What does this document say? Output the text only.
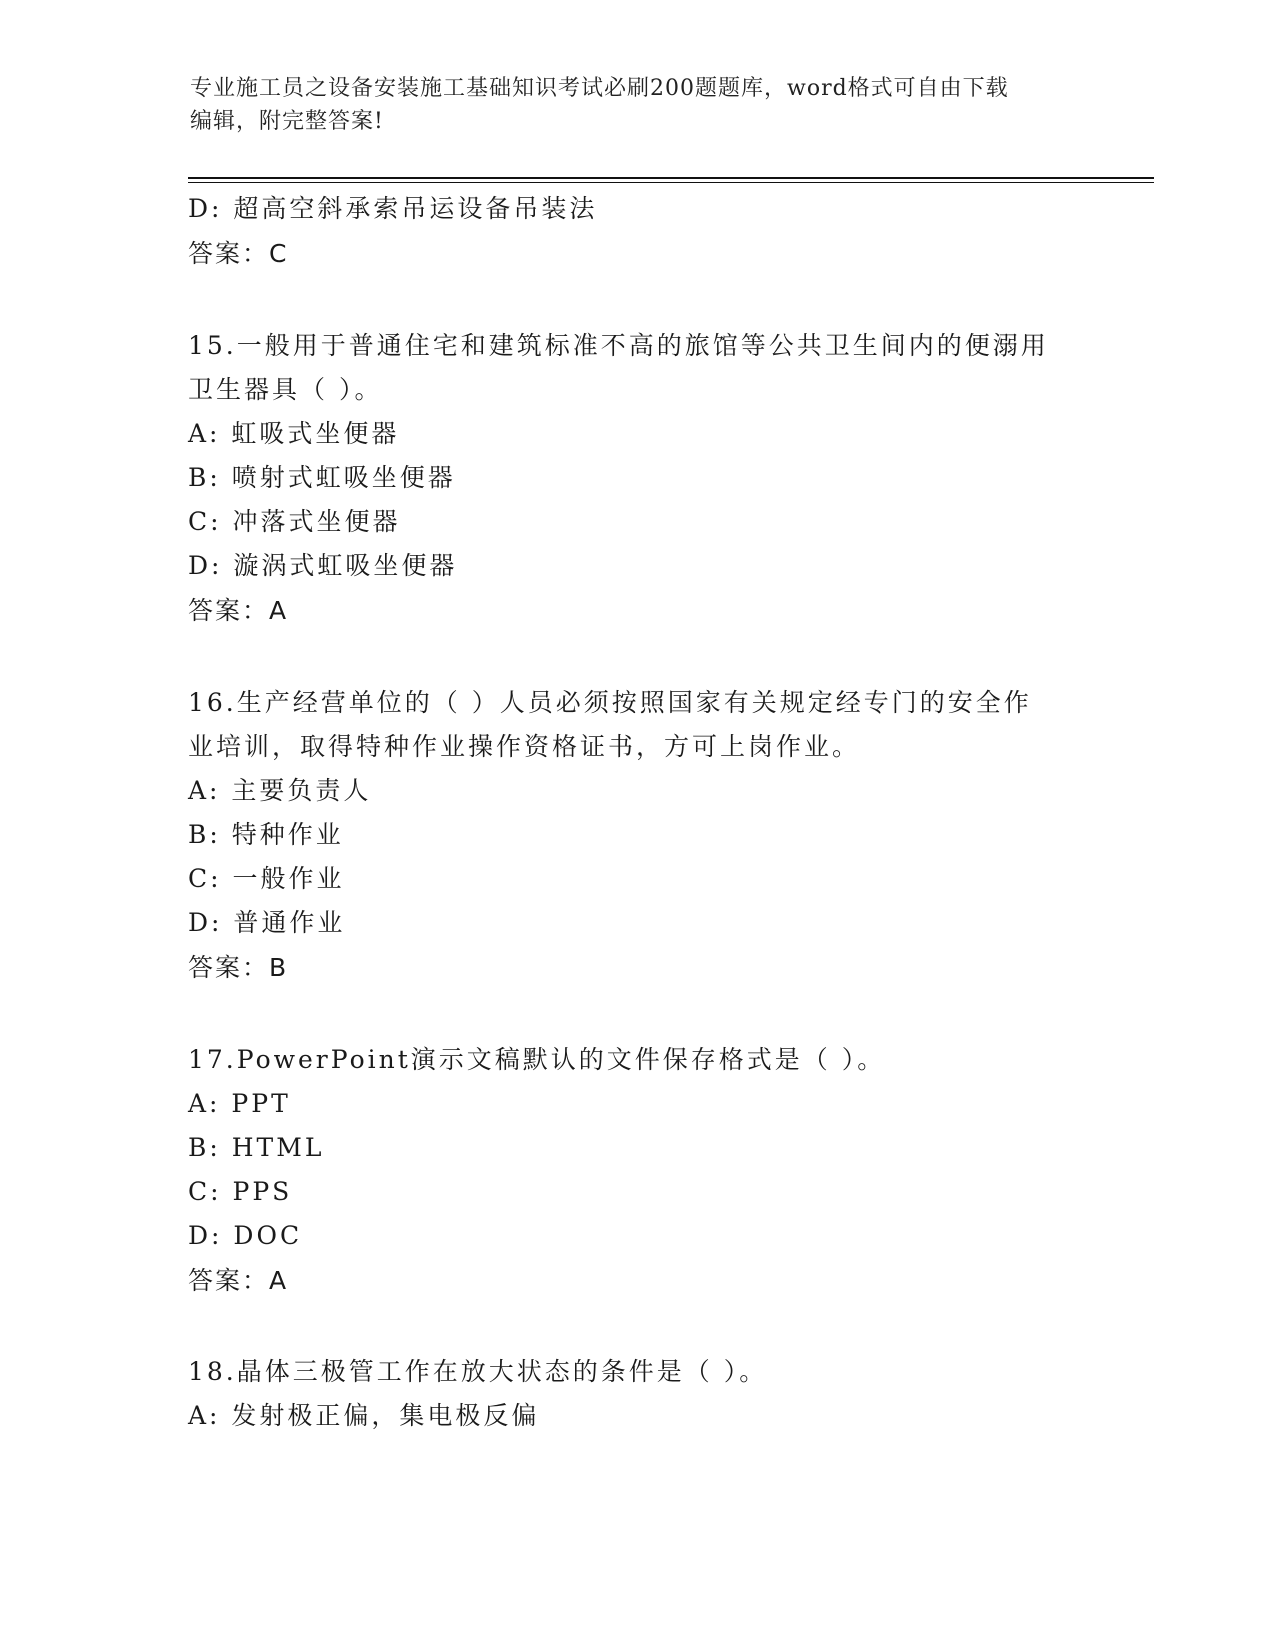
专业施工员之设备安装施工基础知识考试必刷200题题库，word格式可自由下载
编辑，附完整答案!
D: 超高空斜承索吊运设备吊装法
答案：C
15.一般用于普通住宅和建筑标准不高的旅馆等公共卫生间内的便溺用
卫生器具（ ）。
A: 虹吸式坐便器
B: 喷射式虹吸坐便器
C: 冲落式坐便器
D: 漩涡式虹吸坐便器
答案：A
16.生产经营单位的（ ）人员必须按照国家有关规定经专门的安全作
业培训，取得特种作业操作资格证书，方可上岗作业。
A: 主要负责人
B: 特种作业
C: 一般作业
D: 普通作业
答案：B
17.PowerPoint演示文稿默认的文件保存格式是（ ）。
A: PPT
B: HTML
C: PPS
D: DOC
答案：A
18.晶体三极管工作在放大状态的条件是（ ）。
A: 发射极正偏，集电极反偏
